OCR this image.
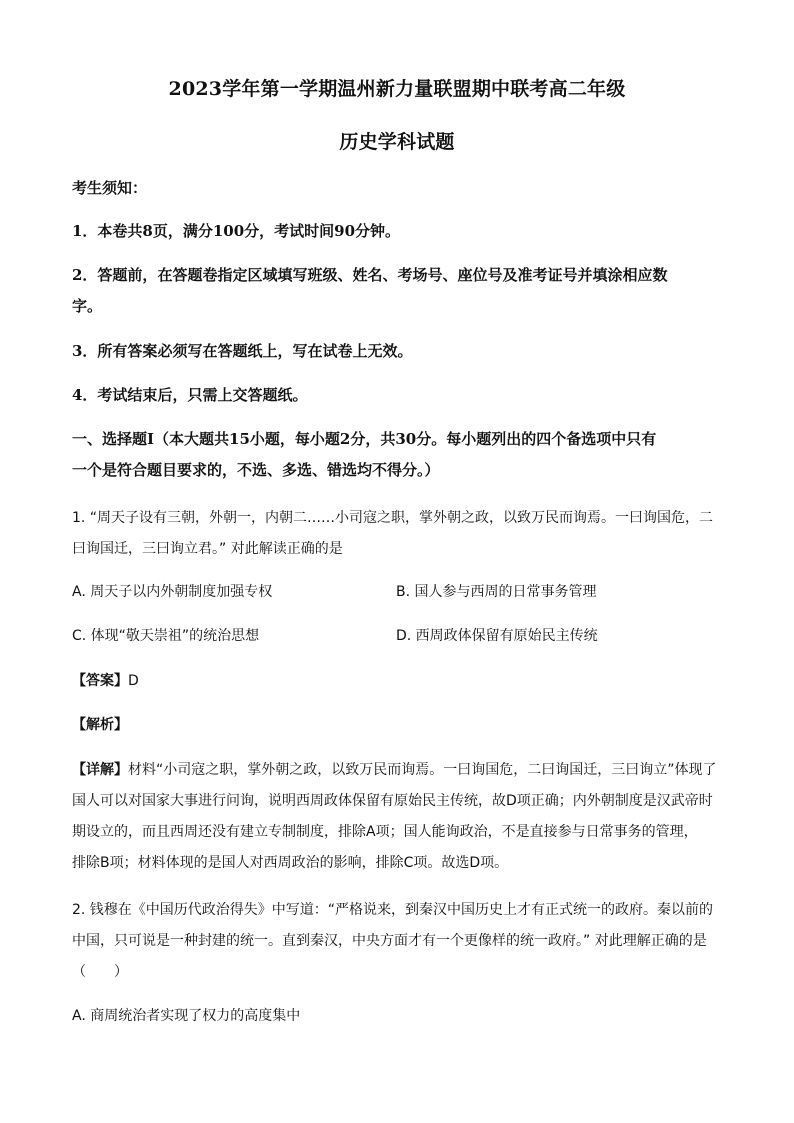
2023学年第一学期温州新力量联盟期中联考高二年级
历史学科试题
考生须知：
1．本卷共8页，满分100分，考试时间90分钟。
2．答题前，在答题卷指定区域填写班级、姓名、考场号、座位号及准考证号并填涂相应数
字。
3．所有答案必须写在答题纸上，写在试卷上无效。
4．考试结束后，只需上交答题纸。
一、选择题Ⅰ（本大题共15小题，每小题2分，共30分。每小题列出的四个备选项中只有
一个是符合题目要求的，不选、多选、错选均不得分。）
1. “周天子设有三朝，外朝一，内朝二……小司寇之职，掌外朝之政，以致万民而询焉。一曰询国危，二
曰询国迁，三曰询立君。” 对此解读正确的是
A. 周天子以内外朝制度加强专权	B. 国人参与西周的日常事务管理
C. 体现“敬天崇祖”的统治思想	D. 西周政体保留有原始民主传统
【答案】D
【解析】
【详解】材料“小司寇之职，掌外朝之政，以致万民而询焉。一曰询国危，二曰询国迁，三曰询立”体现了
国人可以对国家大事进行问询，说明西周政体保留有原始民主传统，故D项正确；内外朝制度是汉武帝时
期设立的，而且西周还没有建立专制制度，排除A项；国人能询政治，不是直接参与日常事务的管理，
排除B项；材料体现的是国人对西周政治的影响，排除C项。故选D项。
2. 钱穆在《中国历代政治得失》中写道：“严格说来，到秦汉中国历史上才有正式统一的政府。秦以前的
中国，只可说是一种封建的统一。直到秦汉，中央方面才有一个更像样的统一政府。” 对此理解正确的是
（　　）
A. 商周统治者实现了权力的高度集中
